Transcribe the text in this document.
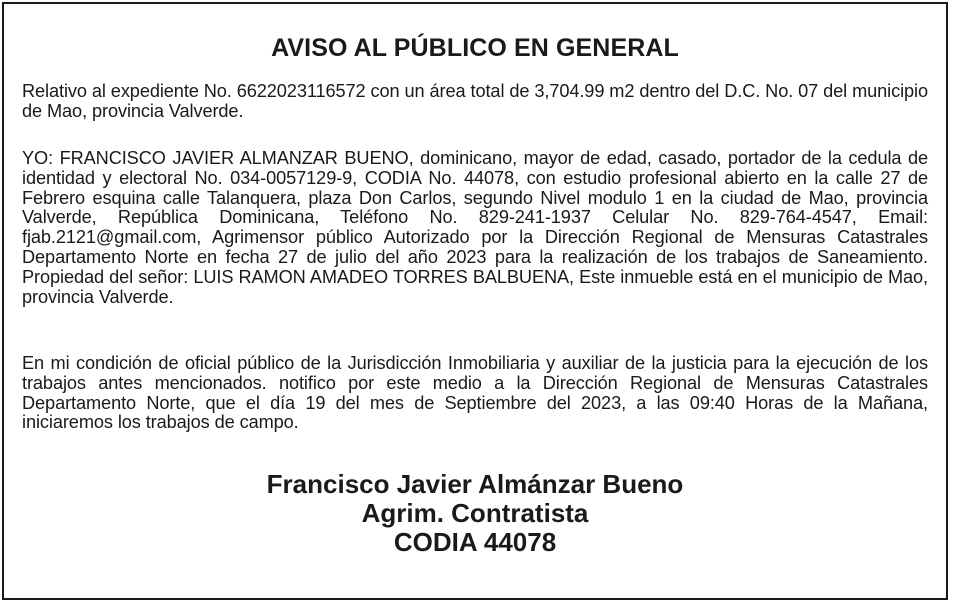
AVISO AL PÚBLICO EN GENERAL

Relativo al expediente No. 6622023116572 con un área total de 3,704.99 m2 dentro del D.C. No. 07 del municipio de Mao, provincia Valverde.

YO: FRANCISCO JAVIER ALMANZAR BUENO, dominicano, mayor de edad, casado, portador de la cedula de identidad y electoral No. 034-0057129-9, CODIA No. 44078, con estudio profesional abierto en la calle 27 de Febrero esquina calle Talanquera, plaza Don Carlos, segundo Nivel modulo 1 en la ciudad de Mao, provincia Valverde, República Dominicana, Teléfono No. 829-241-1937 Celular No. 829-764-4547, Email: fjab.2121@gmail.com, Agrimensor público Autorizado por la Dirección Regional de Mensuras Catastrales Departamento Norte en fecha 27 de julio del año 2023 para la realización de los trabajos de Saneamiento. Propiedad del señor: LUIS RAMON AMADEO TORRES BALBUENA, Este inmueble está en el municipio de Mao, provincia Valverde.

En mi condición de oficial público de la Jurisdicción Inmobiliaria y auxiliar de la justicia para la ejecución de los trabajos antes mencionados. notifico por este medio a la Dirección Regional de Mensuras Catastrales Departamento Norte, que el día 19 del mes de Septiembre del 2023, a las 09:40 Horas de la Mañana, iniciaremos los trabajos de campo.

Francisco Javier Almánzar Bueno
Agrim. Contratista
CODIA 44078
